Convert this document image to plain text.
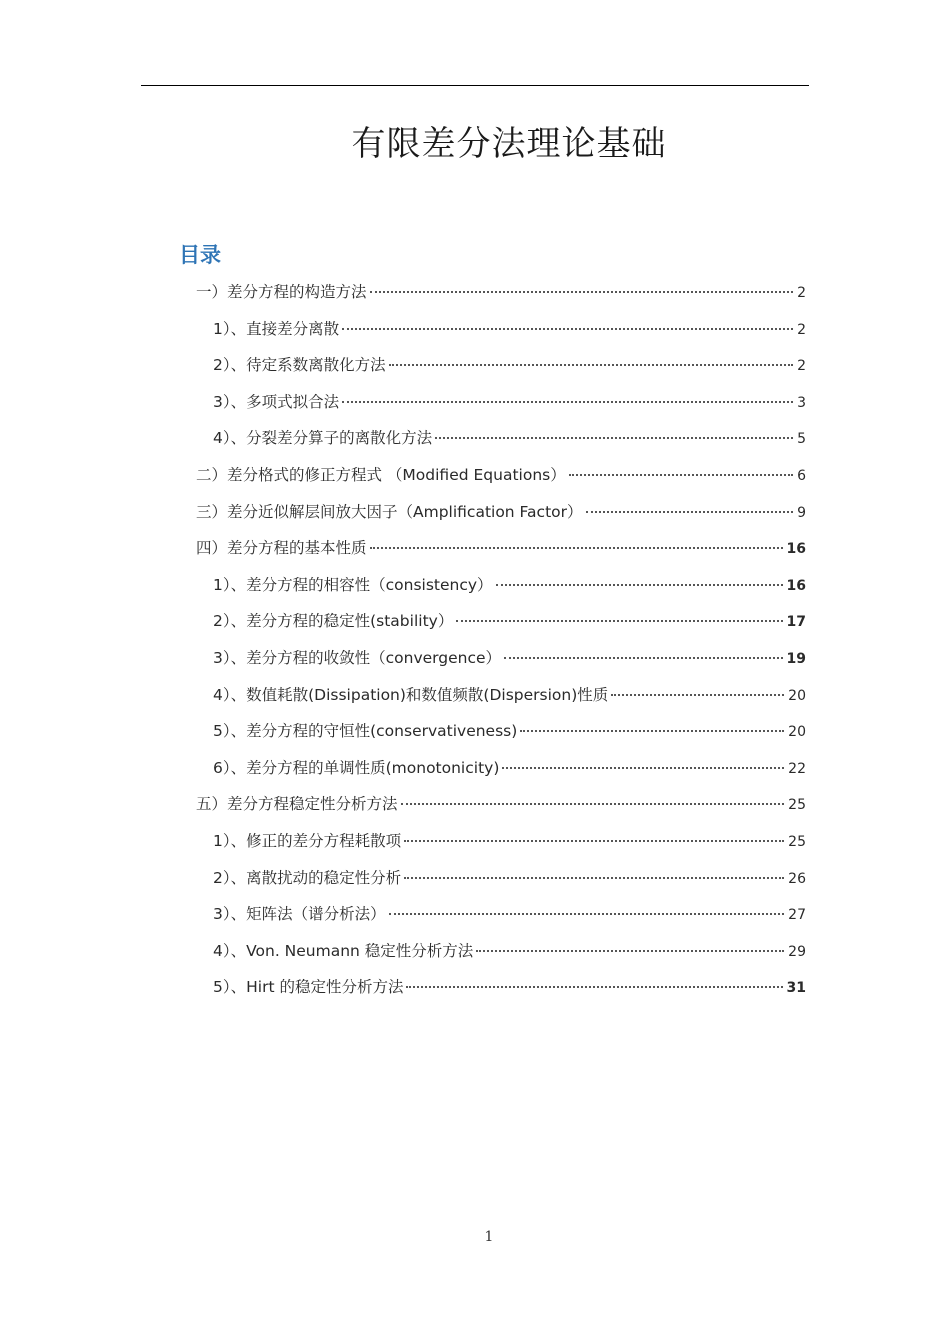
有限差分法理论基础
目录
一）差分方程的构造方法	2
1）、直接差分离散	2
2）、待定系数离散化方法	2
3）、多项式拟合法	3
4）、分裂差分算子的离散化方法	5
二）差分格式的修正方程式 （Modified Equations）	6
三）差分近似解层间放大因子（Amplification Factor）	9
四）差分方程的基本性质	16
1）、差分方程的相容性（consistency）	16
2）、差分方程的稳定性(stability）	17
3）、差分方程的收敛性（convergence）	19
4）、数值耗散(Dissipation)和数值频散(Dispersion)性质	20
5）、差分方程的守恒性(conservativeness)	20
6）、差分方程的单调性质(monotonicity)	22
五）差分方程稳定性分析方法	25
1）、修正的差分方程耗散项	25
2）、离散扰动的稳定性分析	26
3）、矩阵法（谱分析法）	27
4）、Von. Neumann 稳定性分析方法	29
5）、Hirt 的稳定性分析方法	31
1
